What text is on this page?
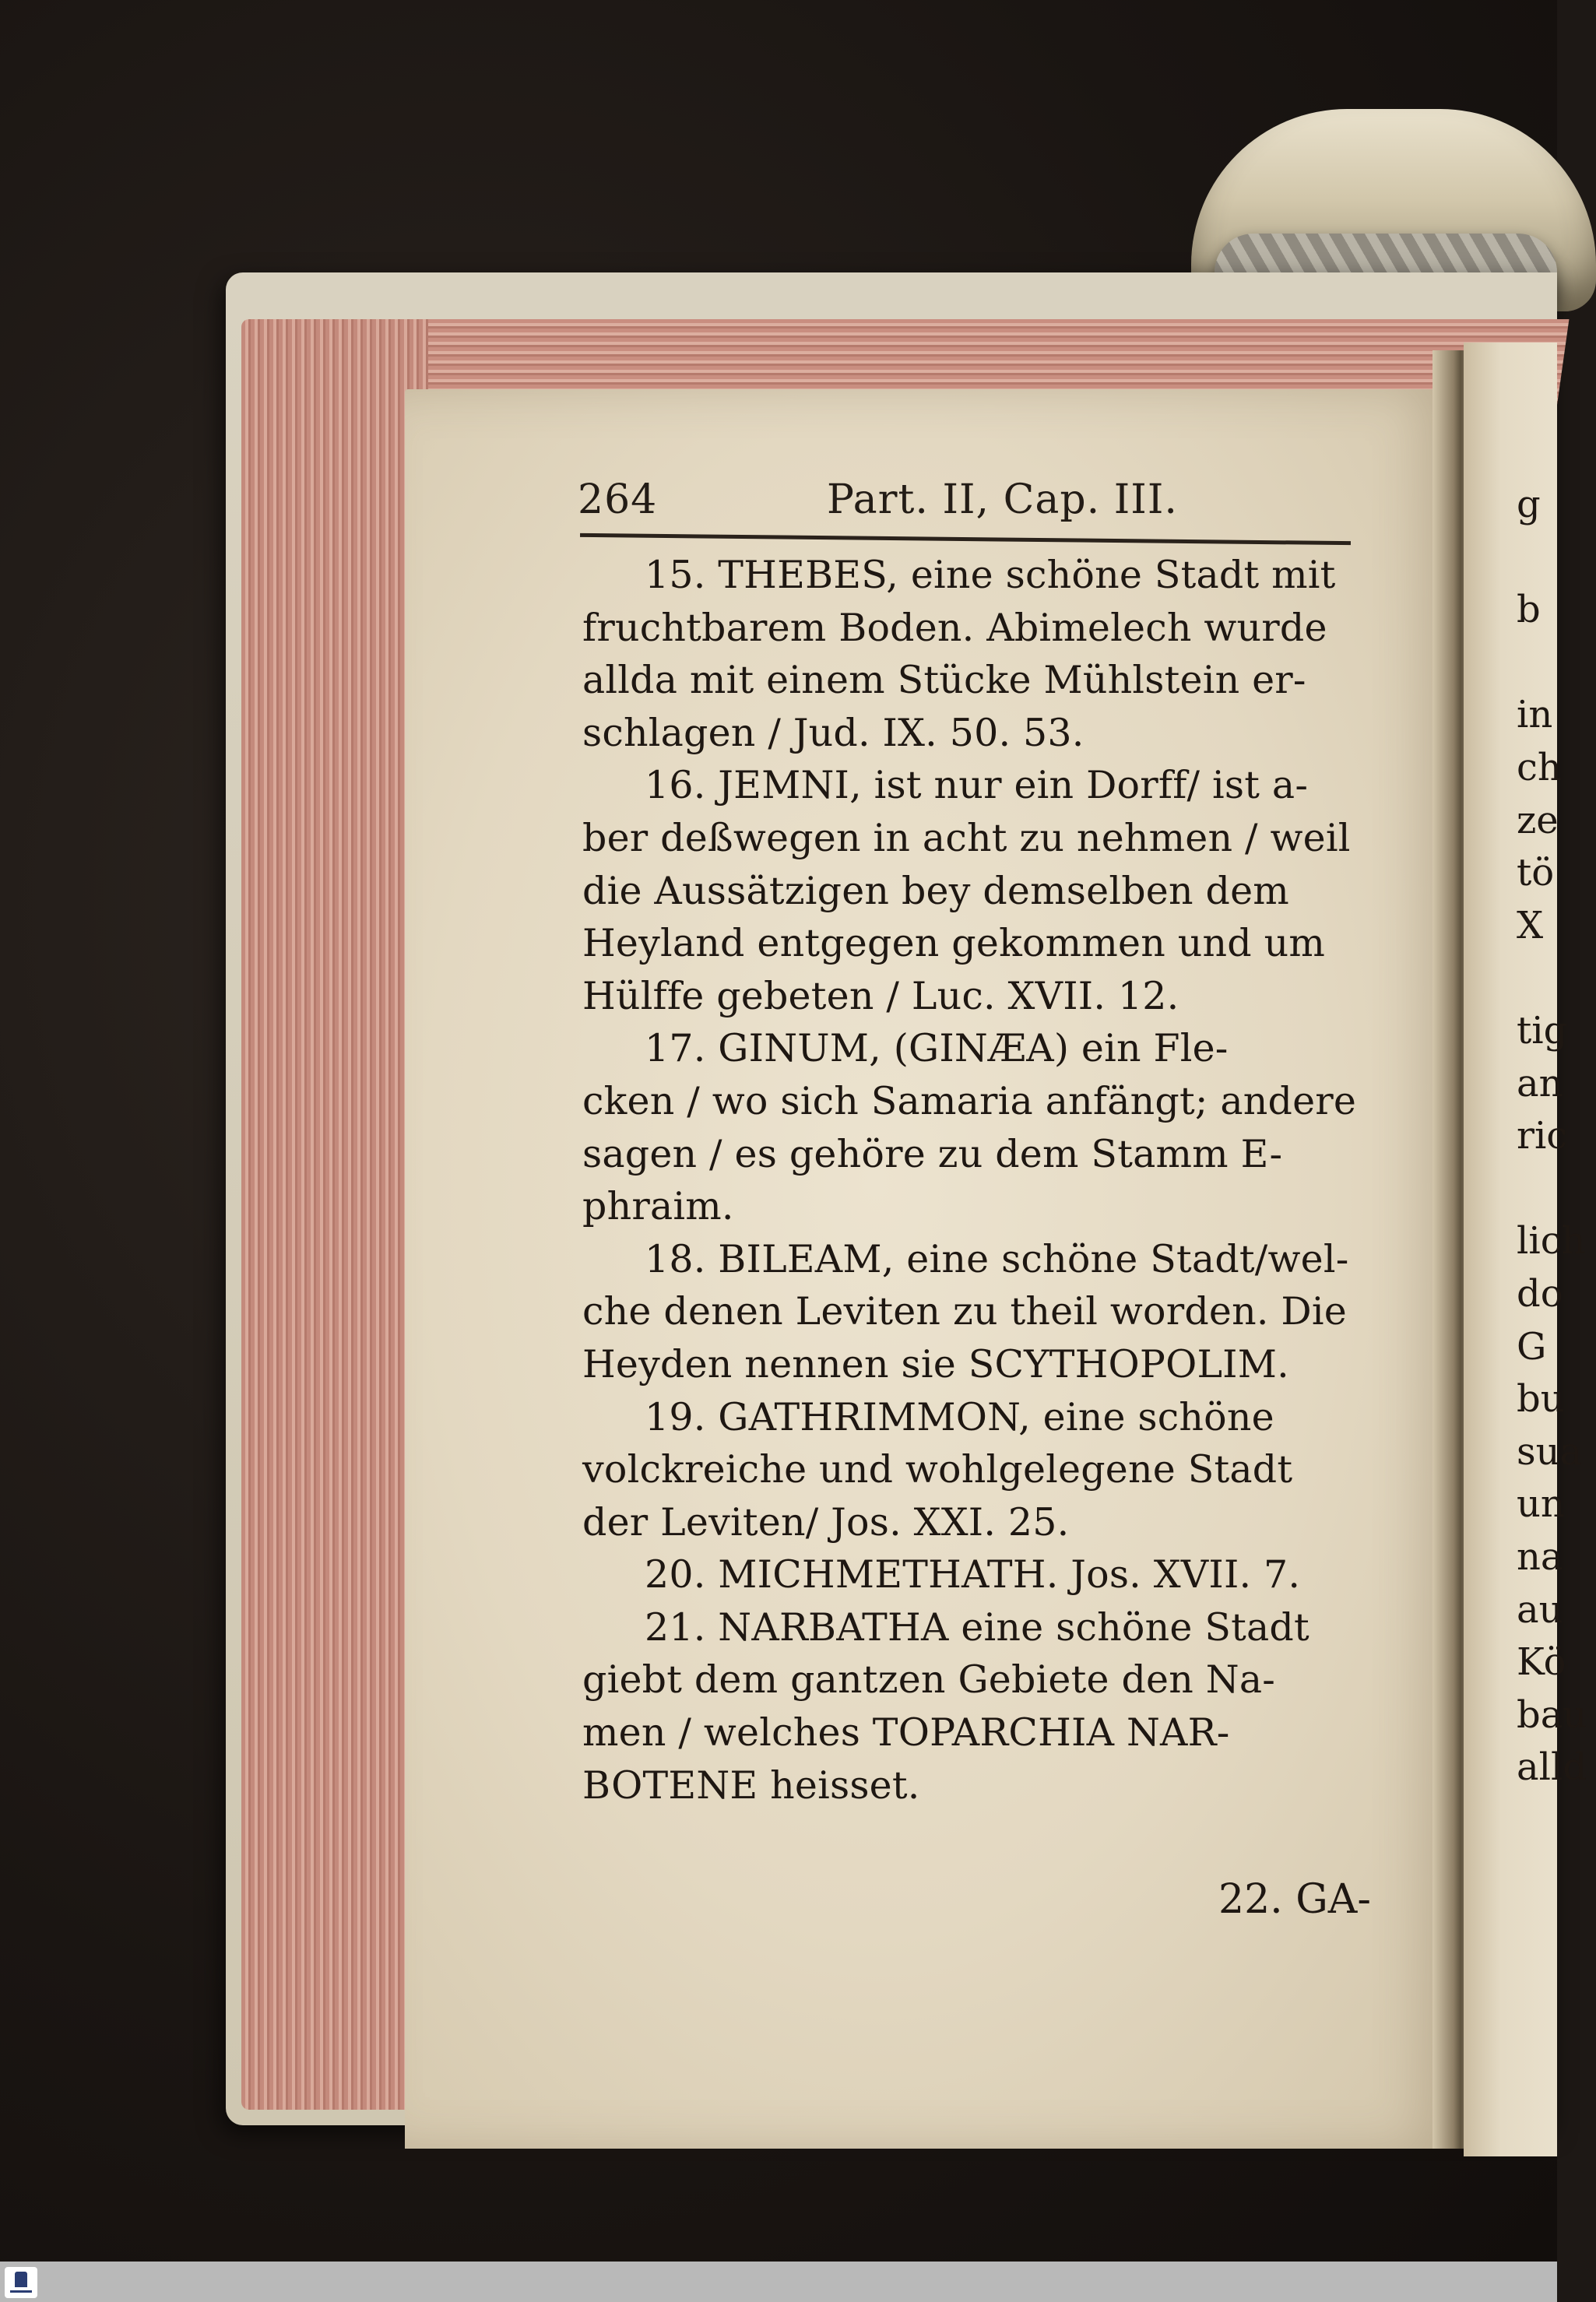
264	Part. II, Cap. III.
15. THEBES, eine schöne Stadt mit
fruchtbarem Boden. Abimelech wurde
allda mit einem Stücke Mühlstein er-
schlagen / Jud. IX. 50. 53.
16. JEMNI, ist nur ein Dorff/ ist a-
ber deßwegen in acht zu nehmen / weil
die Aussätzigen bey demselben dem
Heyland entgegen gekommen und um
Hülffe gebeten / Luc. XVII. 12.
17. GINUM, (GINÆA) ein Fle-
cken / wo sich Samaria anfängt; andere
sagen / es gehöre zu dem Stamm E-
phraim.
18. BILEAM, eine schöne Stadt/wel-
che denen Leviten zu theil worden. Die
Heyden nennen sie SCYTHOPOLIM.
19. GATHRIMMON, eine schöne
volckreiche und wohlgelegene Stadt
der Leviten/ Jos. XXI. 25.
20. MICHMETHATH. Jos. XVII. 7.
21. NARBATHA eine schöne Stadt
giebt dem gantzen Gebiete den Na-
men / welches TOPARCHIA NAR-
BOTENE heisset.
22. GA-
g
b
in
ch
ze
tö
X
tig
an
ric
lich
do
G
bu
sua
un
na
au
Kö
bau
alld
